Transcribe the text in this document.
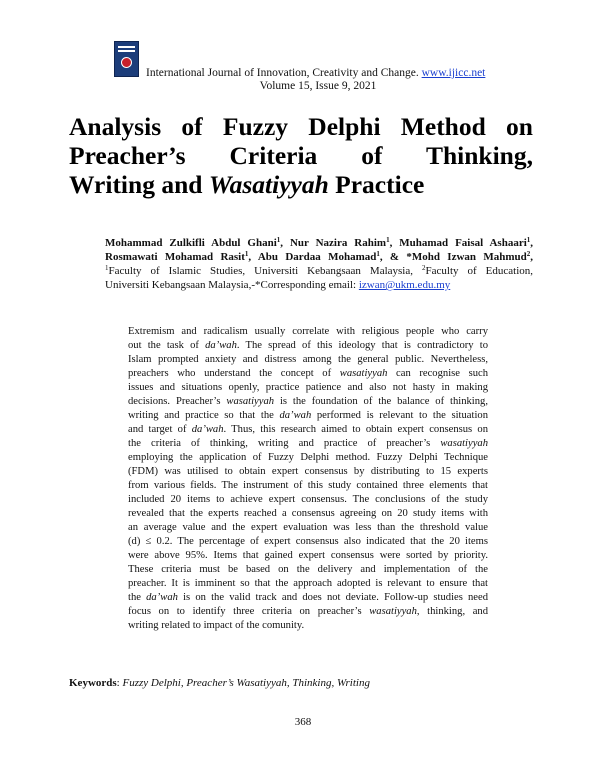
International Journal of Innovation, Creativity and Change. www.ijicc.net
Volume 15, Issue 9, 2021
Analysis of Fuzzy Delphi Method on
Preacher’s Criteria of Thinking,
Writing and Wasatiyyah Practice
Mohammad Zulkifli Abdul Ghani$^1$, Nur Nazira Rahim$^1$, Muhamad Faisal Ashaari$^1$,
Rosmawati Mohamad Rasit$^1$, Abu Dardaa Mohamad$^1$, & *Mohd Izwan Mahmud$^2$,
$^1$Faculty of Islamic Studies, Universiti Kebangsaan Malaysia, $^2$Faculty of Education,
Universiti Kebangsaan Malaysia,-*Corresponding email: izwan@ukm.edu.my
Extremism and radicalism usually correlate with religious people who carry
out the task of da’wah. The spread of this ideology that is contradictory to
Islam prompted anxiety and distress among the general public. Nevertheless,
preachers who understand the concept of wasatiyyah can recognise such
issues and situations openly, practice patience and also not hasty in making
decisions. Preacher’s wasatiyyah is the foundation of the balance of thinking,
writing and practice so that the da’wah performed is relevant to the situation
and target of da’wah. Thus, this research aimed to obtain expert consensus on
the criteria of thinking, writing and practice of preacher’s wasatiyyah
employing the application of Fuzzy Delphi method. Fuzzy Delphi Technique
(FDM) was utilised to obtain expert consensus by distributing to 15 experts
from various fields. The instrument of this study contained three elements that
included 20 items to achieve expert consensus. The conclusions of the study
revealed that the experts reached a consensus agreeing on 20 study items with
an average value and the expert evaluation was less than the threshold value
(d) ≤ 0.2. The percentage of expert consensus also indicated that the 20 items
were above 95%. Items that gained expert consensus were sorted by priority.
These criteria must be based on the delivery and implementation of the
preacher. It is imminent so that the approach adopted is relevant to ensure that
the da’wah is on the valid track and does not deviate. Follow-up studies need
focus on to identify three criteria on preacher’s wasatiyyah, thinking, and
writing related to impact of the comunity.
Keywords: Fuzzy Delphi, Preacher’s Wasatiyyah, Thinking, Writing
368
